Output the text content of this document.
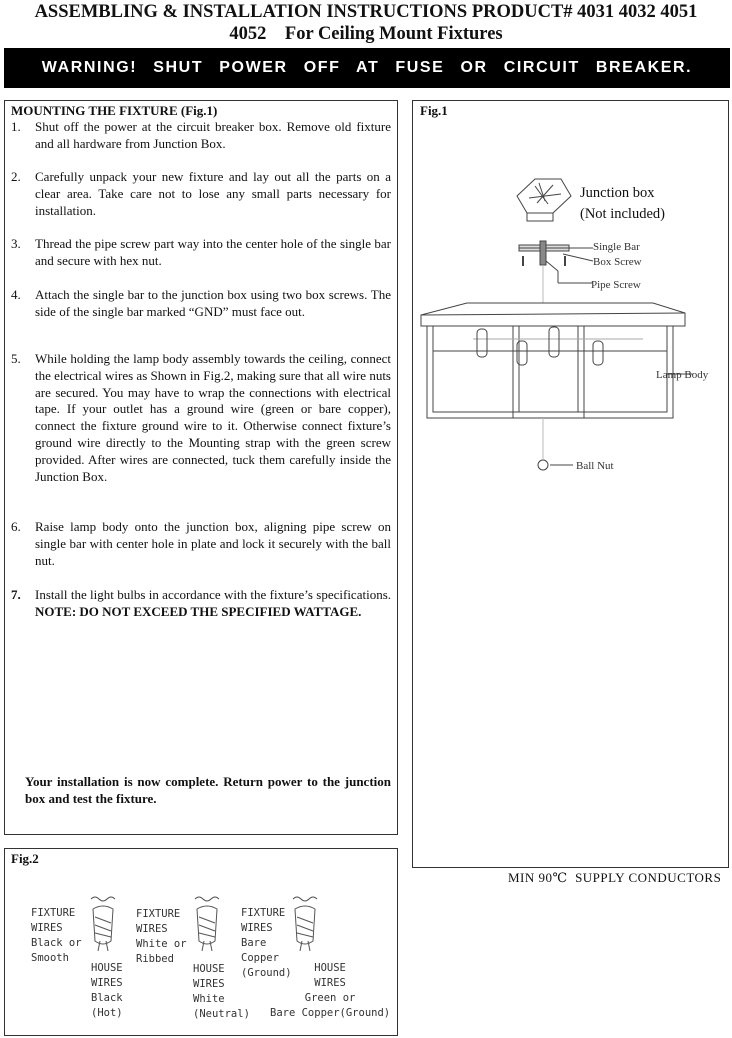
ASSEMBLING & INSTALLATION INSTRUCTIONS PRODUCT# 4031 4032 4051
4052    For Ceiling Mount Fixtures
WARNING! SHUT POWER OFF AT FUSE OR CIRCUIT BREAKER.
MOUNTING THE FIXTURE (Fig.1)
1.	Shut off the power at the circuit breaker box. Remove old fixture and all hardware from Junction Box.
2.	Carefully unpack your new fixture and lay out all the parts on a clear area. Take care not to lose any small parts necessary for installation.
3.	Thread the pipe screw part way into the center hole of the single bar and secure with hex nut.
4.	Attach the single bar to the junction box using two box screws. The side of the single bar marked “GND” must face out.
5.	While holding the lamp body assembly towards the ceiling, connect the electrical wires as Shown in Fig.2, making sure that all wire nuts are secured. You may have to wrap the connections with electrical tape. If your outlet has a ground wire (green or bare copper), connect the fixture ground wire to it. Otherwise connect fixture’s ground wire directly to the Mounting strap with the green screw provided. After wires are connected, tuck them carefully inside the Junction Box.
6.	Raise lamp body onto the junction box, aligning pipe screw on single bar with center hole in plate and lock it securely with the ball nut.
7.	Install the light bulbs in accordance with the fixture’s specifications. NOTE: DO NOT EXCEED THE SPECIFIED WATTAGE.
Your installation is now complete. Return power to the junction box and test the fixture.
Fig.1
Junction box
(Not included)
Single Bar
Box Screw
Pipe Screw
Lamp Body
Ball Nut
MIN 90℃  SUPPLY CONDUCTORS
Fig.2
FIXTURE
WIRES
Black or
Smooth
HOUSE
WIRES
Black
(Hot)
FIXTURE
WIRES
White or
Ribbed
HOUSE
WIRES
White
(Neutral)
FIXTURE
WIRES
Bare
Copper
(Ground)	HOUSE
WIRES
Green or
Bare Copper(Ground)
